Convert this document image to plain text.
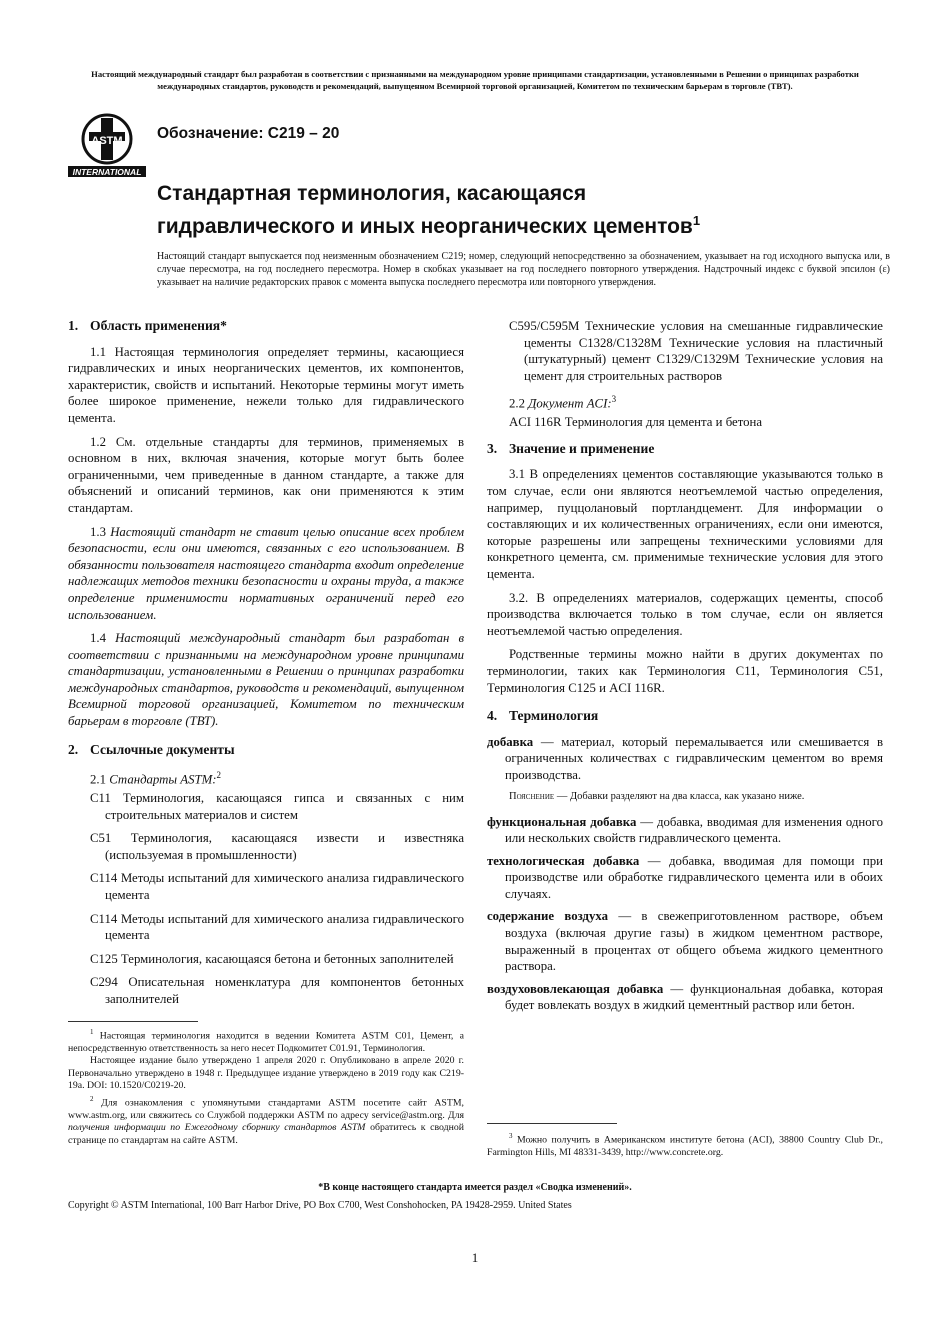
Настоящий международный стандарт был разработан в соответствии с признанными на международном уровне принципами стандартизации, установленными в Решении о принципах разработки международных стандартов, руководств и рекомендаций, выпущенном Всемирной торговой организацией, Комитетом по техническим барьерам в торговле (ТВТ).
ASTM
INTERNATIONAL
Обозначение: C219 – 20
Стандартная терминология, касающаяся
гидравлического и иных неорганических цементов$^1$
Настоящий стандарт выпускается под неизменным обозначением C219; номер, следующий непосредственно за обозначением, указывает на год исходного выпуска или, в случае пересмотра, на год последнего пересмотра. Номер в скобках указывает на год последнего повторного утверждения. Надстрочный индекс с буквой эпсилон (ε) указывает на наличие редакторских правок с момента выпуска последнего пересмотра или повторного утверждения.
1. Область применения*

1.1 Настоящая терминология определяет термины, касающиеся гидравлических и иных неорганических цементов, их компонентов, характеристик, свойств и испытаний. Некоторые термины могут иметь более широкое применение, нежели только для гидравлического цемента.

1.2 См. отдельные стандарты для терминов, применяемых в основном в них, включая значения, которые могут быть более ограниченными, чем приведенные в данном стандарте, а также для объяснений и описаний терминов, как они применяются к этим стандартам.

1.3 Настоящий стандарт не ставит целью описание всех проблем безопасности, если они имеются, связанных с его использованием. В обязанности пользователя настоящего стандарта входит определение надлежащих методов техники безопасности и охраны труда, а также определение применимости нормативных ограничений перед его использованием.

1.4 Настоящий международный стандарт был разработан в соответствии с признанными на международном уровне принципами стандартизации, установленными в Решении о принципах разработки международных стандартов, руководств и рекомендаций, выпущенном Всемирной торговой организацией, Комитетом по техническим барьерам в торговле (ТВТ).

2. Ссылочные документы

2.1 Стандарты ASTM:$^2$

C11 Терминология, касающаяся гипса и связанных с ним строительных материалов и систем

C51 Терминология, касающаяся извести и известняка (используемая в промышленности)

C114 Методы испытаний для химического анализа гидравлического цемента

C114 Методы испытаний для химического анализа гидравлического цемента

C125 Терминология, касающаяся бетона и бетонных заполнителей

C294 Описательная номенклатура для компонентов бетонных заполнителей

$^1$ Настоящая терминология находится в ведении Комитета ASTM C01, Цемент, а непосредственную ответственность за него несет Подкомитет C01.91, Терминология.

Настоящее издание было утверждено 1 апреля 2020 г. Опубликовано в апреле 2020 г. Первоначально утверждено в 1948 г. Предыдущее издание утверждено в 2019 году как C219- 19a. DOI: 10.1520/C0219-20.

$^2$ Для ознакомления с упомянутыми стандартами ASTM посетите сайт ASTM, www.astm.org, или свяжитесь со Службой поддержки ASTM по адресу service@astm.org. Для получения информации по Ежегодному сборнику стандартов ASTM обратитесь к сводной странице по стандартам на сайте ASTM.

C595/C595M Технические условия на смешанные гидравлические цементы C1328/C1328M Технические условия на пластичный (штукатурный) цемент C1329/C1329M Технические условия на цемент для строительных растворов

2.2 Документ ACI:$^3$

ACI 116R Терминология для цемента и бетона

3. Значение и применение

3.1 В определениях цементов составляющие указываются только в том случае, если они являются неотъемлемой частью определения, например, пуццолановый портландцемент. Для информации о составляющих и их количественных ограничениях, если они имеются, которые разрешены или запрещены техническими условиями для конкретного цемента, см. применимые технические условия для этого цемента.

3.2. В определениях материалов, содержащих цементы, способ производства включается только в том случае, если он является неотъемлемой частью определения.

Родственные термины можно найти в других документах по терминологии, таких как Терминология C11, Терминология C51, Терминология C125 и ACI 116R.

4. Терминология

добавка — материал, который перемалывается или смешивается в ограниченных количествах с гидравлическим цементом во время производства.

Пояснение — Добавки разделяют на два класса, как указано ниже.

функциональная добавка — добавка, вводимая для изменения одного или нескольких свойств гидравлического цемента.

технологическая добавка — добавка, вводимая для помощи при производстве или обработке гидравлического цемента или в обоих случаях.

содержание воздуха — в свежеприготовленном растворе, объем воздуха (включая другие газы) в жидком цементном растворе, выраженный в процентах от общего объема жидкого цементного раствора.

воздухововлекающая добавка — функциональная добавка, которая будет вовлекать воздух в жидкий цементный раствор или бетон.

$^3$ Можно получить в Американском институте бетона (ACI), 38800 Country Club Dr., Farmington Hills, MI 48331-3439, http://www.concrete.org.

*В конце настоящего стандарта имеется раздел «Сводка изменений».
Copyright © ASTM International, 100 Barr Harbor Drive, PO Box C700, West Conshohocken, PA 19428-2959. United States
1
